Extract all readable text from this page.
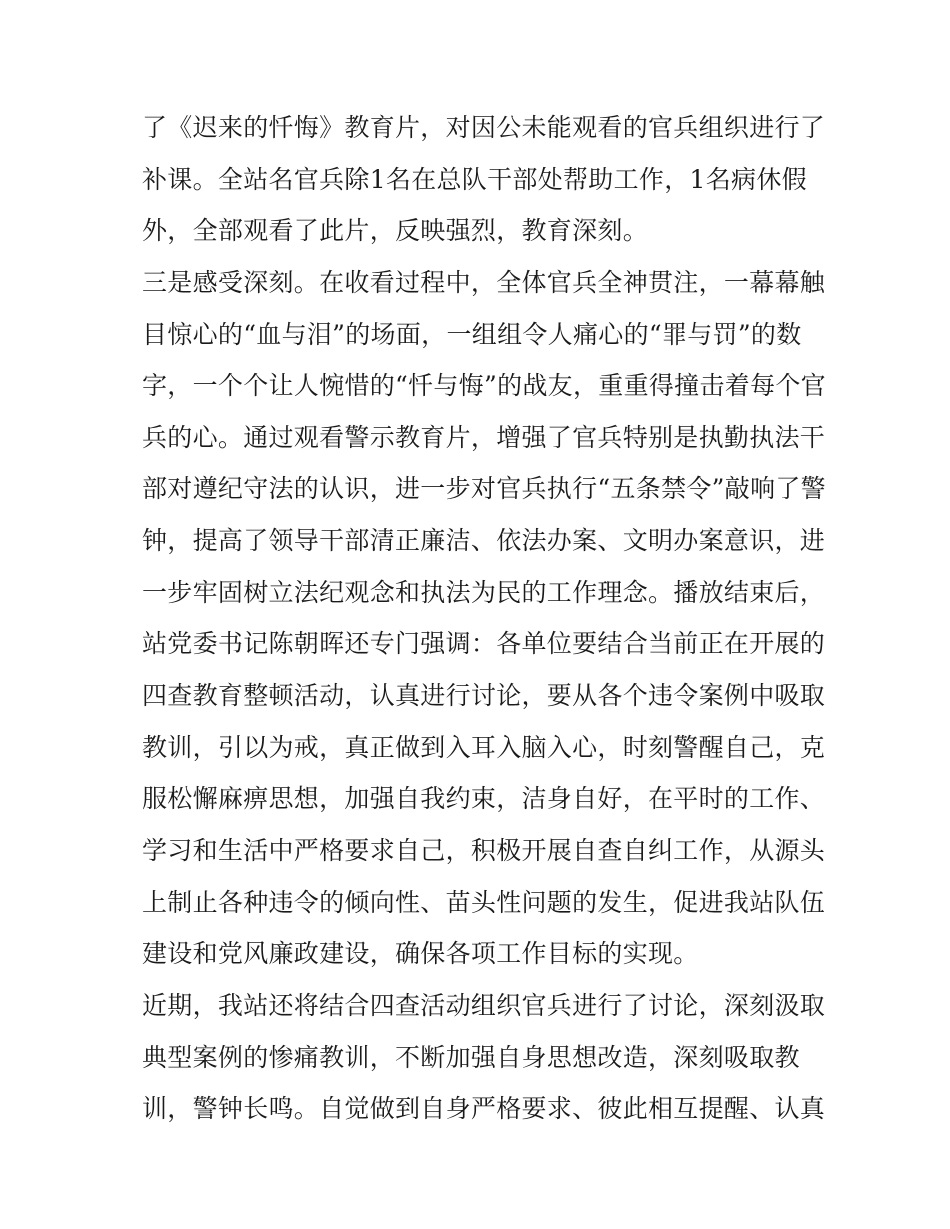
了《迟来的忏悔》教育片，对因公未能观看的官兵组织进行了
补课。全站名官兵除1名在总队干部处帮助工作，1名病休假
外，全部观看了此片，反映强烈，教育深刻。
三是感受深刻。在收看过程中，全体官兵全神贯注，一幕幕触
目惊心的“血与泪”的场面，一组组令人痛心的“罪与罚”的数
字，一个个让人惋惜的“忏与悔”的战友，重重得撞击着每个官
兵的心。通过观看警示教育片，增强了官兵特别是执勤执法干
部对遵纪守法的认识，进一步对官兵执行“五条禁令”敲响了警
钟，提高了领导干部清正廉洁、依法办案、文明办案意识，进
一步牢固树立法纪观念和执法为民的工作理念。播放结束后，
站党委书记陈朝晖还专门强调：各单位要结合当前正在开展的
四查教育整顿活动，认真进行讨论，要从各个违令案例中吸取
教训，引以为戒，真正做到入耳入脑入心，时刻警醒自己，克
服松懈麻痹思想，加强自我约束，洁身自好，在平时的工作、
学习和生活中严格要求自己，积极开展自查自纠工作，从源头
上制止各种违令的倾向性、苗头性问题的发生，促进我站队伍
建设和党风廉政建设，确保各项工作目标的实现。
近期，我站还将结合四查活动组织官兵进行了讨论，深刻汲取
典型案例的惨痛教训，不断加强自身思想改造，深刻吸取教
训，警钟长鸣。自觉做到自身严格要求、彼此相互提醒、认真
